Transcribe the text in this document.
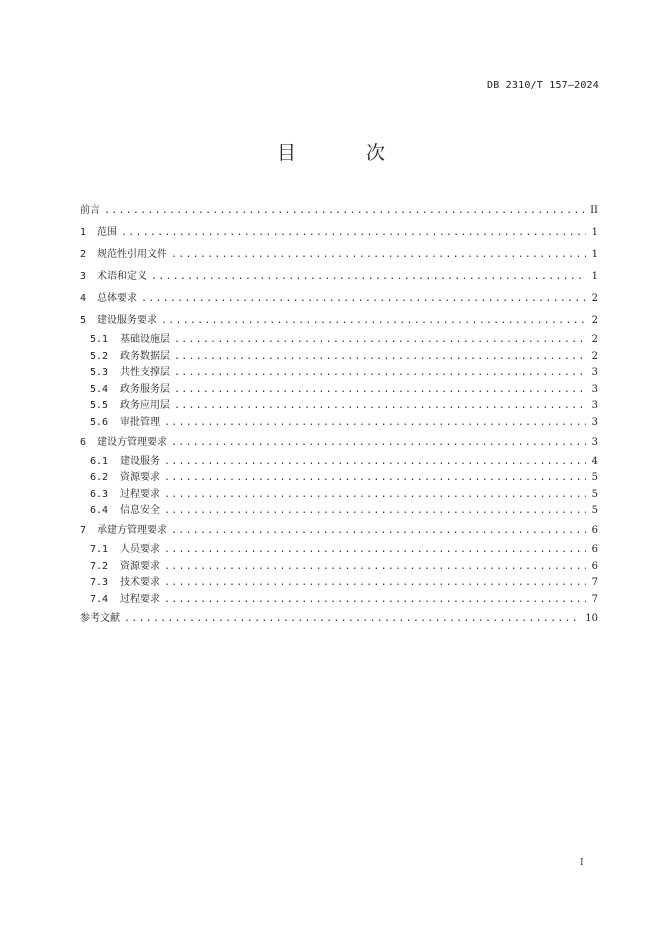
DB 2310/T 157—2024
目 次
前言 .....	II
1	范围 .....	1
2	规范性引用文件 .....	1
3	术语和定义 .....	1
4	总体要求 .....	2
5	建设服务要求 .....	2
5.1	基础设施层 .....	2
5.2	政务数据层 .....	2
5.3	共性支撑层 .....	3
5.4	政务服务层 .....	3
5.5	政务应用层 .....	3
5.6	审批管理 .....	3
6	建设方管理要求 .....	3
6.1	建设服务 .....	4
6.2	资源要求 .....	5
6.3	过程要求 .....	5
6.4	信息安全 .....	5
7	承建方管理要求 .....	6
7.1	人员要求 .....	6
7.2	资源要求 .....	6
7.3	技术要求 .....	7
7.4	过程要求 .....	7
参考文献 .....	10
I
